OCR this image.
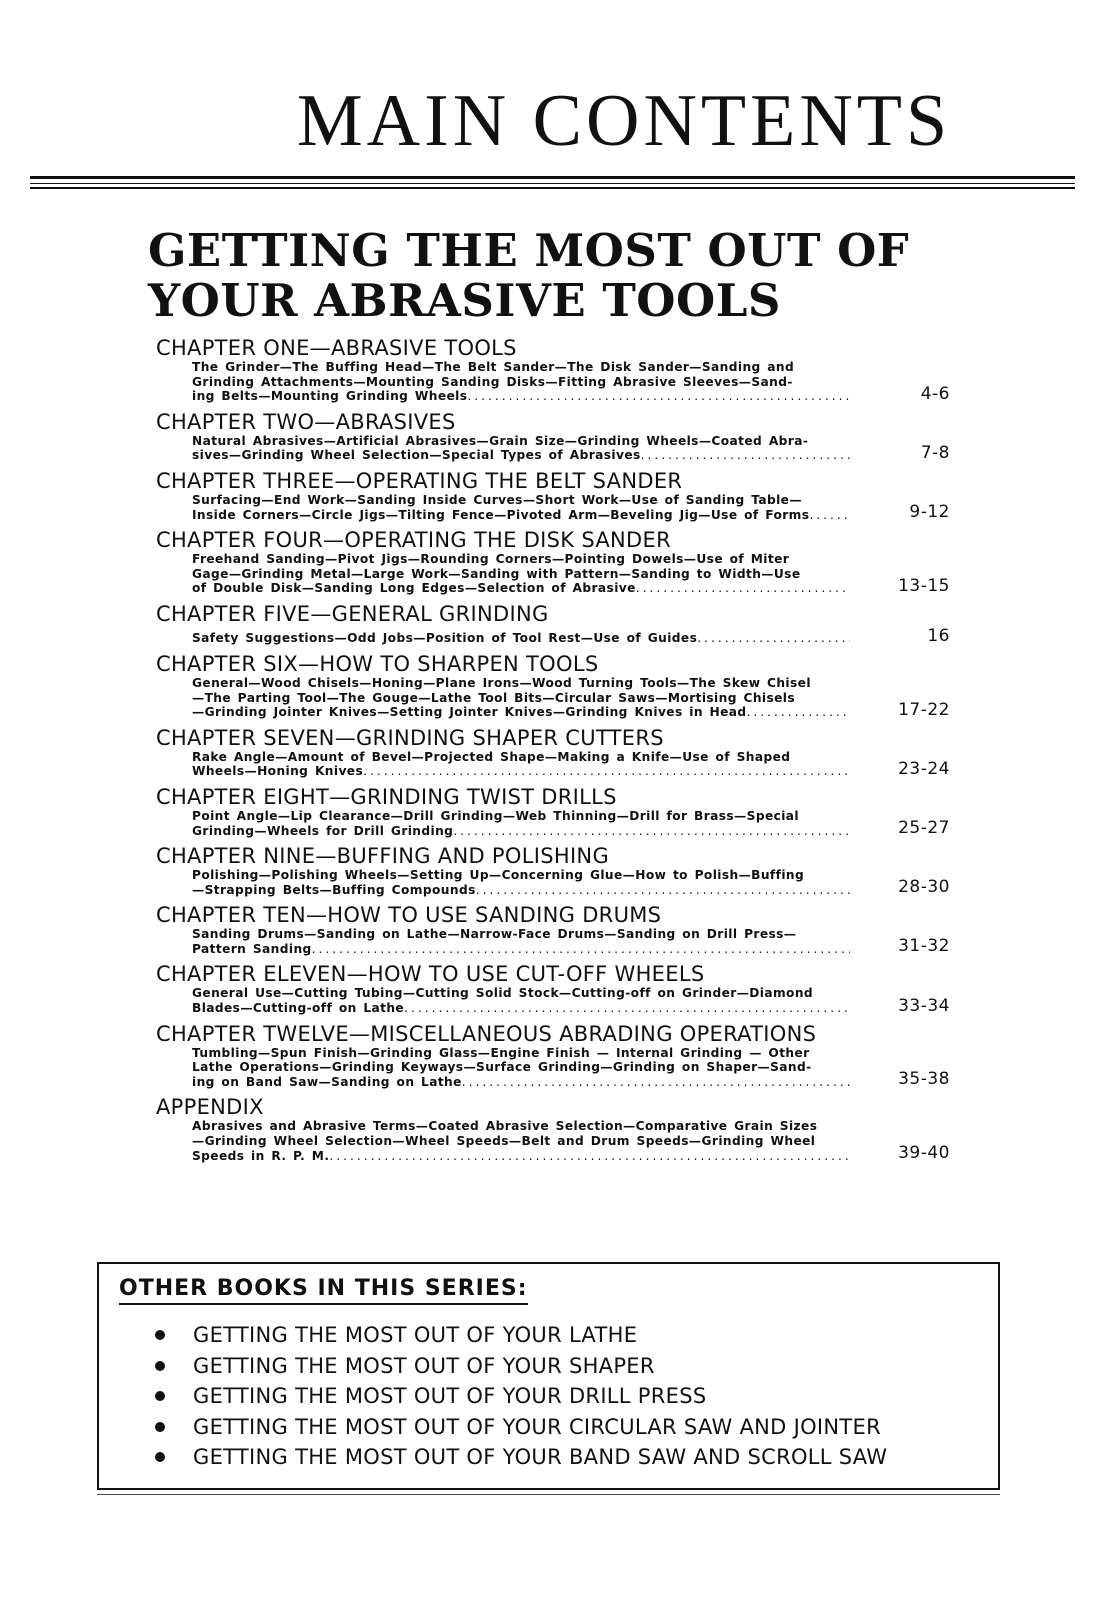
MAIN CONTENTS
GETTING THE MOST OUT OF
YOUR ABRASIVE TOOLS
CHAPTER ONE—ABRASIVE TOOLS
The Grinder—The Buffing Head—The Belt Sander—The Disk Sander—Sanding and
Grinding Attachments—Mounting Sanding Disks—Fitting Abrasive Sleeves—Sand-
ing Belts—Mounting Grinding Wheels .....	4-6
CHAPTER TWO—ABRASIVES
Natural Abrasives—Artificial Abrasives—Grain Size—Grinding Wheels—Coated Abra-
sives—Grinding Wheel Selection—Special Types of Abrasives .....	7-8
CHAPTER THREE—OPERATING THE BELT SANDER
Surfacing—End Work—Sanding Inside Curves—Short Work—Use of Sanding Table—
Inside Corners—Circle Jigs—Tilting Fence—Pivoted Arm—Beveling Jig—Use of Forms .....	9-12
CHAPTER FOUR—OPERATING THE DISK SANDER
Freehand Sanding—Pivot Jigs—Rounding Corners—Pointing Dowels—Use of Miter
Gage—Grinding Metal—Large Work—Sanding with Pattern—Sanding to Width—Use
of Double Disk—Sanding Long Edges—Selection of Abrasive .....	13-15
CHAPTER FIVE—GENERAL GRINDING
Safety Suggestions—Odd Jobs—Position of Tool Rest—Use of Guides .....	16
CHAPTER SIX—HOW TO SHARPEN TOOLS
General—Wood Chisels—Honing—Plane Irons—Wood Turning Tools—The Skew Chisel
—The Parting Tool—The Gouge—Lathe Tool Bits—Circular Saws—Mortising Chisels
—Grinding Jointer Knives—Setting Jointer Knives—Grinding Knives in Head .....	17-22
CHAPTER SEVEN—GRINDING SHAPER CUTTERS
Rake Angle—Amount of Bevel—Projected Shape—Making a Knife—Use of Shaped
Wheels—Honing Knives .....	23-24
CHAPTER EIGHT—GRINDING TWIST DRILLS
Point Angle—Lip Clearance—Drill Grinding—Web Thinning—Drill for Brass—Special
Grinding—Wheels for Drill Grinding .....	25-27
CHAPTER NINE—BUFFING AND POLISHING
Polishing—Polishing Wheels—Setting Up—Concerning Glue—How to Polish—Buffing
—Strapping Belts—Buffing Compounds .....	28-30
CHAPTER TEN—HOW TO USE SANDING DRUMS
Sanding Drums—Sanding on Lathe—Narrow-Face Drums—Sanding on Drill Press—
Pattern Sanding .....	31-32
CHAPTER ELEVEN—HOW TO USE CUT-OFF WHEELS
General Use—Cutting Tubing—Cutting Solid Stock—Cutting-off on Grinder—Diamond
Blades—Cutting-off on Lathe .....	33-34
CHAPTER TWELVE—MISCELLANEOUS ABRADING OPERATIONS
Tumbling—Spun Finish—Grinding Glass—Engine Finish — Internal Grinding — Other
Lathe Operations—Grinding Keyways—Surface Grinding—Grinding on Shaper—Sand-
ing on Band Saw—Sanding on Lathe .....	35-38
APPENDIX
Abrasives and Abrasive Terms—Coated Abrasive Selection—Comparative Grain Sizes
—Grinding Wheel Selection—Wheel Speeds—Belt and Drum Speeds—Grinding Wheel
Speeds in R. P. M. .....	39-40
OTHER BOOKS IN THIS SERIES:
GETTING THE MOST OUT OF YOUR LATHE
GETTING THE MOST OUT OF YOUR SHAPER
GETTING THE MOST OUT OF YOUR DRILL PRESS
GETTING THE MOST OUT OF YOUR CIRCULAR SAW AND JOINTER
GETTING THE MOST OUT OF YOUR BAND SAW AND SCROLL SAW
